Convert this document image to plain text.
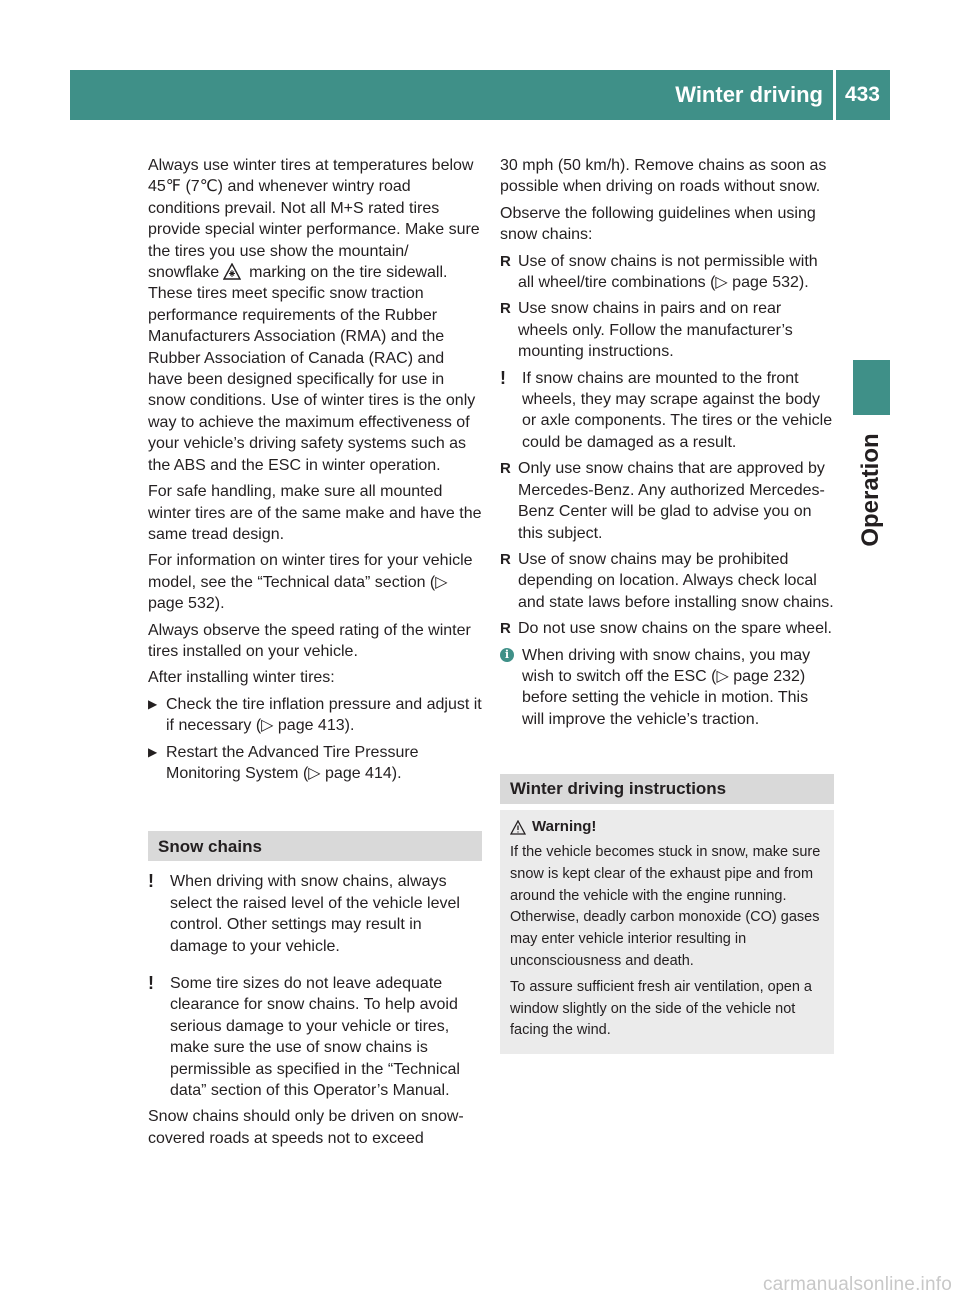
Winter driving	433
Operation

Always use winter tires at temperatures below 45℉ (7℃) and whenever wintry road conditions prevail. Not all M+S rated tires provide special winter performance. Make sure the tires you use show the mountain/ snowflake marking on the tire sidewall. These tires meet specific snow traction performance requirements of the Rubber Manufacturers Association (RMA) and the Rubber Association of Canada (RAC) and have been designed specifically for use in snow conditions. Use of winter tires is the only way to achieve the maximum effectiveness of your vehicle’s driving safety systems such as the ABS and the ESC in winter operation.

For safe handling, make sure all mounted winter tires are of the same make and have the same tread design.

For information on winter tires for your vehicle model, see the “Technical data” section (▷ page 532).

Always observe the speed rating of the winter tires installed on your vehicle.

After installing winter tires:

▶ Check the tire inflation pressure and adjust it if necessary (▷ page 413).
▶ Restart the Advanced Tire Pressure Monitoring System (▷ page 414).
Snow chains
! When driving with snow chains, always select the raised level of the vehicle level control. Other settings may result in damage to your vehicle.
! Some tire sizes do not leave adequate clearance for snow chains. To help avoid serious damage to your vehicle or tires, make sure the use of snow chains is permissible as specified in the “Technical data” section of this Operator’s Manual.

Snow chains should only be driven on snow-covered roads at speeds not to exceed

30 mph (50 km/h). Remove chains as soon as possible when driving on roads without snow.

Observe the following guidelines when using snow chains:

R Use of snow chains is not permissible with all wheel/tire combinations (▷ page 532).
R Use snow chains in pairs and on rear wheels only. Follow the manufacturer’s mounting instructions.
! If snow chains are mounted to the front wheels, they may scrape against the body or axle components. The tires or the vehicle could be damaged as a result.
R Only use snow chains that are approved by Mercedes-Benz. Any authorized Mercedes-Benz Center will be glad to advise you on this subject.
R Use of snow chains may be prohibited depending on location. Always check local and state laws before installing snow chains.
R Do not use snow chains on the spare wheel.
i When driving with snow chains, you may wish to switch off the ESC (▷ page 232) before setting the vehicle in motion. This will improve the vehicle’s traction.
Winter driving instructions
Warning!

If the vehicle becomes stuck in snow, make sure snow is kept clear of the exhaust pipe and from around the vehicle with the engine running. Otherwise, deadly carbon monoxide (CO) gases may enter vehicle interior resulting in unconsciousness and death.

To assure sufficient fresh air ventilation, open a window slightly on the side of the vehicle not facing the wind.

carmanualsonline.info
